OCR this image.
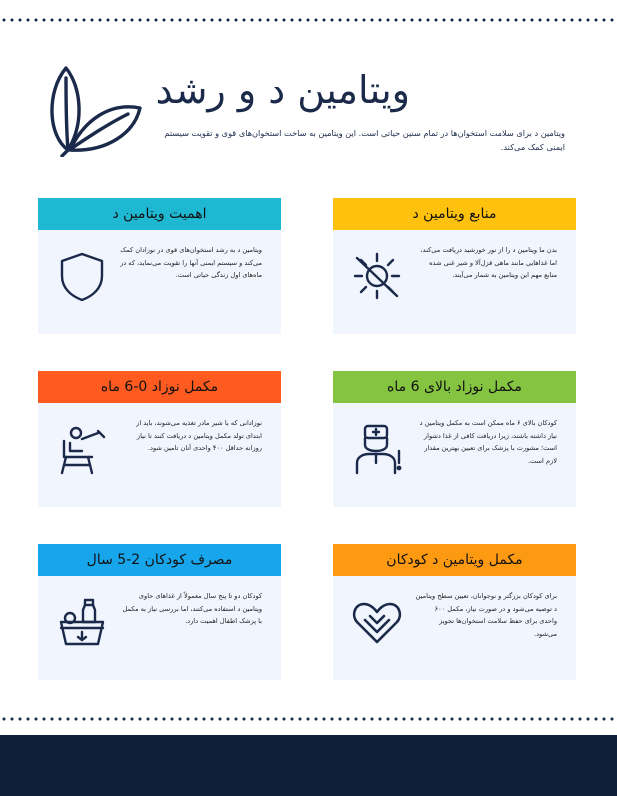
ویتامین د و رشد
ویتامین د برای سلامت استخوان‌ها در تمام سنین حیاتی است. این ویتامین به ساخت استخوان‌های قوی و تقویت سیستم ایمنی کمک می‌کند.
منابع ویتامین د
بدن ما ویتامین د را از نور خورشید دریافت می‌کند، اما غذاهایی مانند ماهی قزل‌آلا و شیر غنی شده منابع مهم این ویتامین به شمار می‌آیند.
اهمیت ویتامین د
ویتامین د به رشد استخوان‌های قوی در نوزادان کمک می‌کند و سیستم ایمنی آنها را تقویت می‌نماید، که در ماه‌های اول زندگی حیاتی است.
مکمل نوزاد بالای 6 ماه
کودکان بالای ۶ ماه ممکن است به مکمل ویتامین د نیاز داشته باشند، زیرا دریافت کافی از غذا دشوار است؛ مشورت با پزشک برای تعیین بهترین مقدار لازم است.
مکمل نوزاد 0-6 ماه
نوزادانی که با شیر مادر تغذیه می‌شوند، باید از ابتدای تولد مکمل ویتامین د دریافت کنند تا نیاز روزانه حداقل ۴۰۰ واحدی آنان تامین شود.
مکمل ویتامین د کودکان
برای کودکان بزرگتر و نوجوانان، تعیین سطح ویتامین د توصیه می‌شود و در صورت نیاز، مکمل ۶۰۰ واحدی برای حفظ سلامت استخوان‌ها تجویز می‌شود.
مصرف کودکان 2-5 سال
کودکان دو تا پنج سال معمولاً از غذاهای حاوی ویتامین د استفاده می‌کنند، اما بررسی نیاز به مکمل با پزشک اطفال اهمیت دارد.
